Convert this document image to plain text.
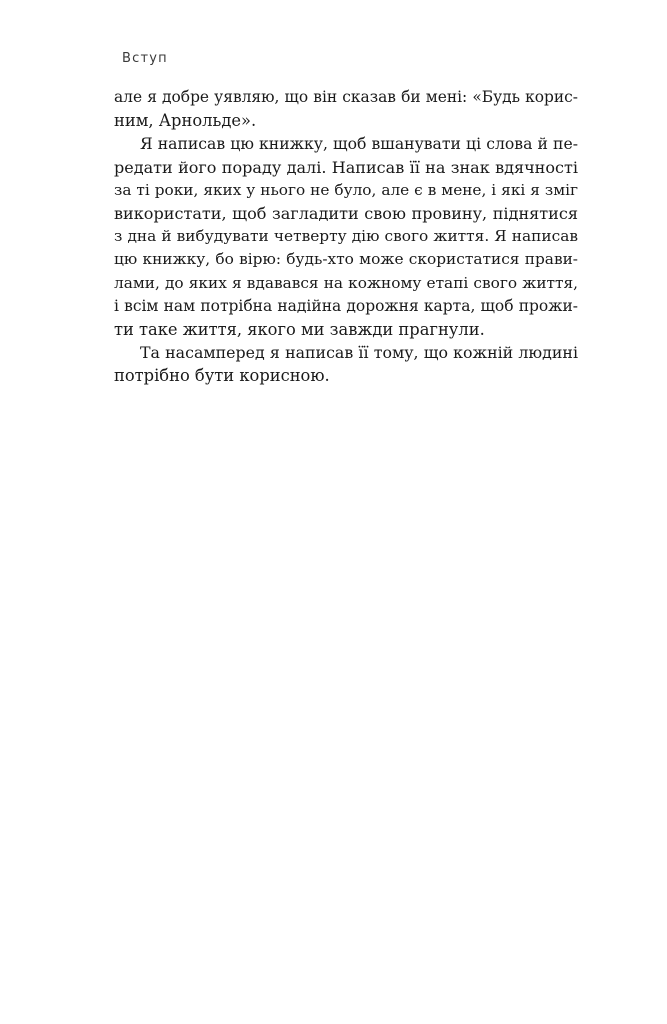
Вступ
але я добре уявляю, що він сказав би мені: «Будь корис-
ним, Арнольде».
Я написав цю книжку, щоб вшанувати ці слова й пе-
редати його пораду далі. Написав її на знак вдячності
за ті роки, яких у нього не було, але є в мене, і які я зміг
використати, щоб загладити свою провину, піднятися
з дна й вибудувати четверту дію свого життя. Я написав
цю книжку, бо вірю: будь-хто може скористатися прави-
лами, до яких я вдавався на кожному етапі свого життя,
і всім нам потрібна надійна дорожня карта, щоб прожи-
ти таке життя, якого ми завжди прагнули.
Та насамперед я написав її тому, що кожній людині
потрібно бути корисною.
